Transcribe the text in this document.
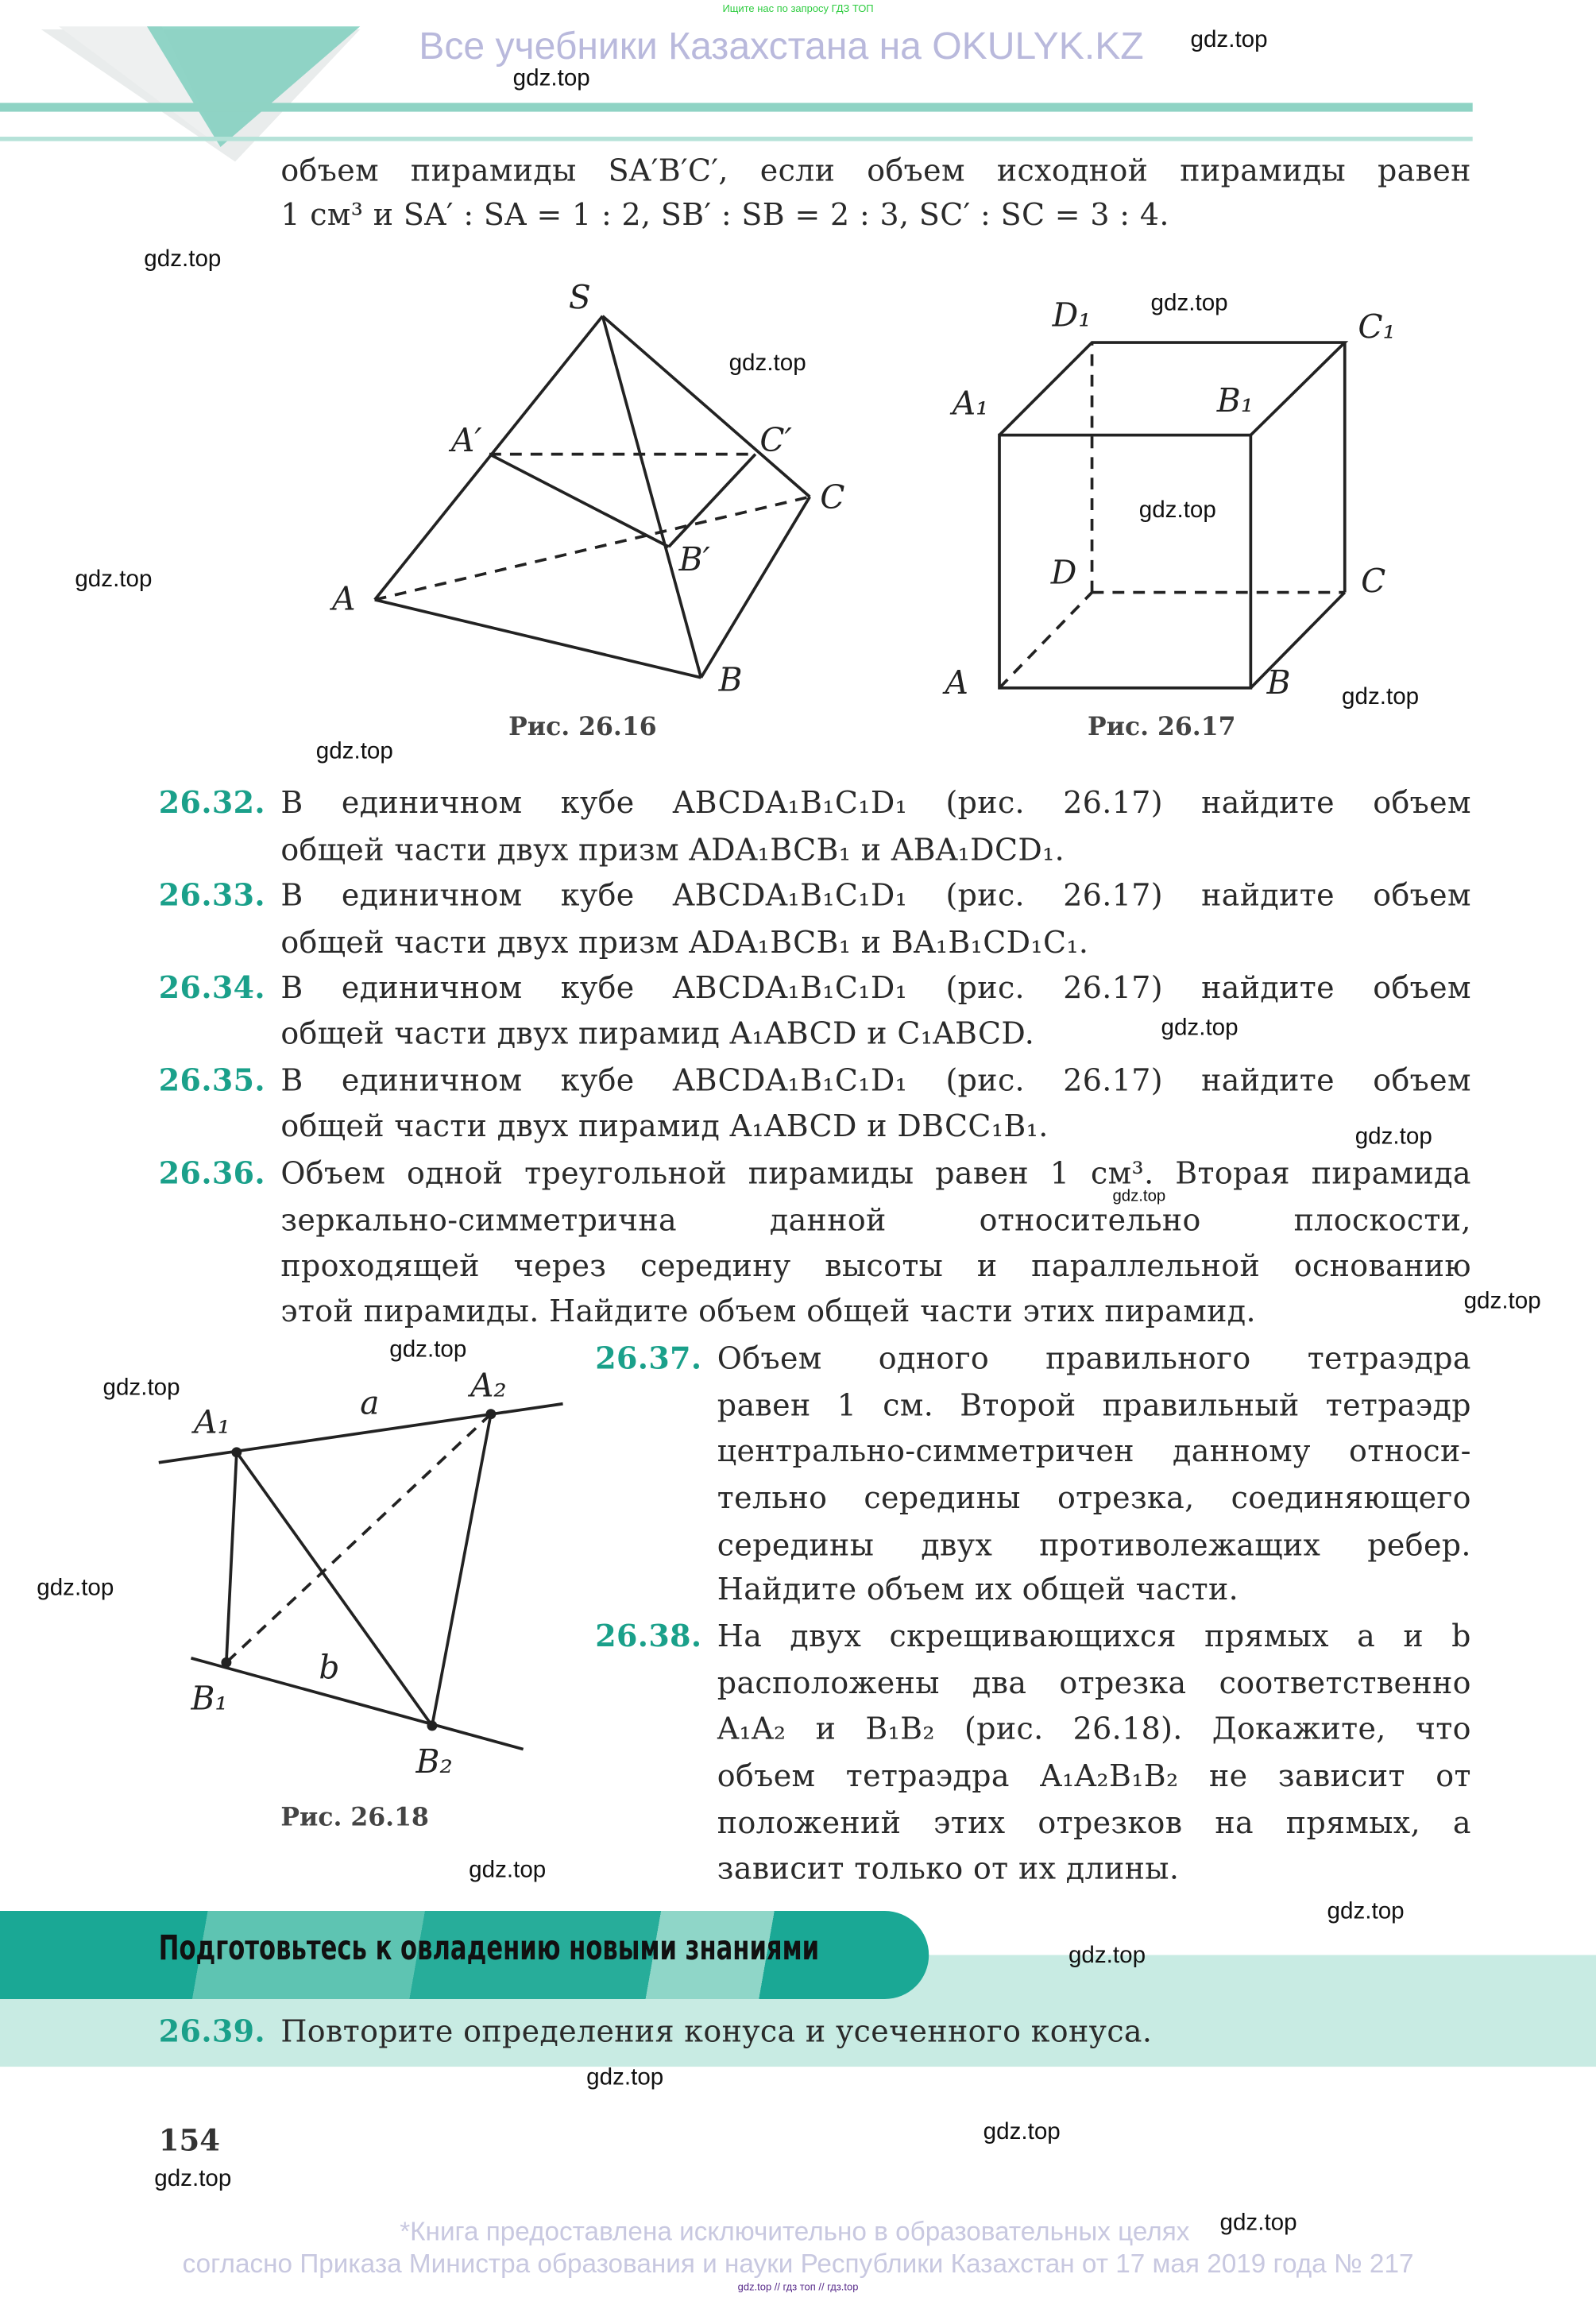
Ищите нас по запросу ГДЗ ТОП
Все учебники Казахстана на OKULYK.KZ
объем пирамиды SA′B′C′, если объем исходной пирамиды равен
1 см³ и SA′ : SA = 1 : 2, SB′ : SB = 2 : 3, SC′ : SC = 3 : 4.
S
A
B
C
A′	C′
B′
D₁	C₁
A₁	B₁
D	C
A	B
Рис. 26.16	Рис. 26.17
26.32. В единичном кубе ABCDA₁B₁C₁D₁ (рис. 26.17) найдите объем
общей части двух призм ADA₁BCB₁ и ABA₁DCD₁.
26.33. В единичном кубе ABCDA₁B₁C₁D₁ (рис. 26.17) найдите объем
общей части двух призм ADA₁BCB₁ и BA₁B₁CD₁C₁.
26.34. В единичном кубе ABCDA₁B₁C₁D₁ (рис. 26.17) найдите объем
общей части двух пирамид A₁ABCD и C₁ABCD.
26.35. В единичном кубе ABCDA₁B₁C₁D₁ (рис. 26.17) найдите объем
общей части двух пирамид A₁ABCD и DBCC₁B₁.
26.36. Объем одной треугольной пирамиды равен 1 см³. Вторая пирамида
зеркально-симметрична данной относительно плоскости,
проходящей через середину высоты и параллельной основанию
этой пирамиды. Найдите объем общей части этих пирамид.
26.37. Объем одного правильного тетраэдра
равен 1 см. Второй правильный тетраэдр
центрально-симметричен данному относи-
тельно середины отрезка, соединяющего
середины двух противолежащих ребер.
Найдите объем их общей части.
26.38. На двух скрещивающихся прямых a и b
расположены два отрезка соответственно
A₁A₂ и B₁B₂ (рис. 26.18). Докажите, что
объем тетраэдра A₁A₂B₁B₂ не зависит от
положений этих отрезков на прямых, а
зависит только от их длины.
A₁
a	A₂
b
B₁
B₂
Рис. 26.18
Подготовьтесь к овладению новыми знаниями
26.39. Повторите определения конуса и усеченного конуса.
154
*Книга предоставлена исключительно в образовательных целях
согласно Приказа Министра образования и науки Республики Казахстан от 17 мая 2019 года № 217
gdz.top // гдз топ // гдз.top
gdz.top
gdz.top
gdz.top
gdz.top
gdz.top
gdz.top
gdz.top
gdz.top
gdz.top
gdz.top
gdz.top
gdz.top
gdz.top
gdz.top
gdz.top
gdz.top
gdz.top
gdz.top
gdz.top
gdz.top
gdz.top
gdz.top
gdz.top
